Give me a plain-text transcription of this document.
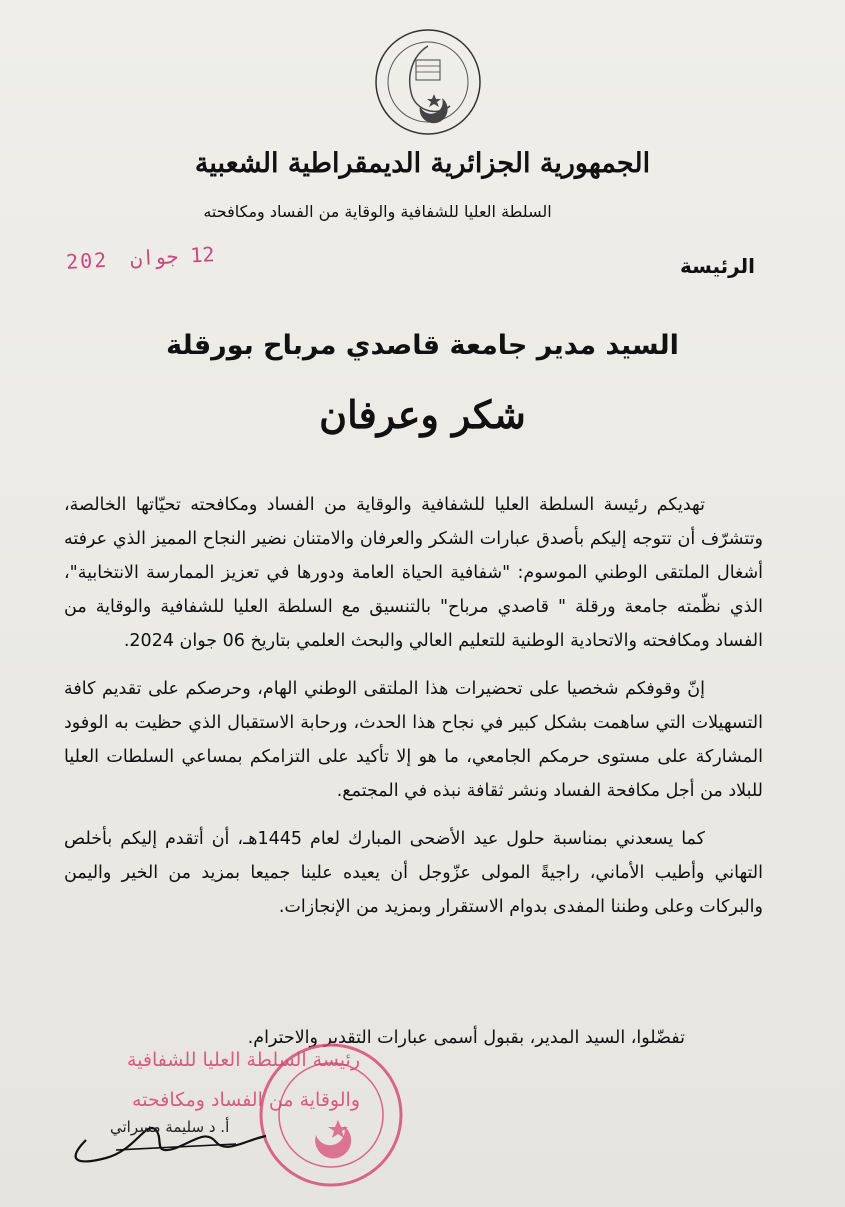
الجمهورية الجزائرية الديمقراطية الشعبية
السلطة العليا للشفافية والوقاية من الفساد ومكافحته
الرئيسة
12 جوان 202
السيد مدير جامعة قاصدي مرباح بورقلة
شكر وعرفان

تهديكم رئيسة السلطة العليا للشفافية والوقاية من الفساد ومكافحته تحيّاتها الخالصة، وتتشرّف أن تتوجه إليكم بأصدق عبارات الشكر والعرفان والامتنان نضير النجاح المميز الذي عرفته أشغال الملتقى الوطني الموسوم: "شفافية الحياة العامة ودورها في تعزيز الممارسة الانتخابية"، الذي نظّمته جامعة ورقلة " قاصدي مرباح" بالتنسيق مع السلطة العليا للشفافية والوقاية من الفساد ومكافحته والاتحادية الوطنية للتعليم العالي والبحث العلمي بتاريخ 06 جوان 2024.

إنّ وقوفكم شخصيا على تحضيرات هذا الملتقى الوطني الهام، وحرصكم على تقديم كافة التسهيلات التي ساهمت بشكل كبير في نجاح هذا الحدث، ورحابة الاستقبال الذي حظيت به الوفود المشاركة على مستوى حرمكم الجامعي، ما هو إلا تأكيد على التزامكم بمساعي السلطات العليا للبلاد من أجل مكافحة الفساد ونشر ثقافة نبذه في المجتمع.

كما يسعدني بمناسبة حلول عيد الأضحى المبارك لعام 1445هـ، أن أتقدم إليكم بأخلص التهاني وأطيب الأماني، راجيةً المولى عزّوجل أن يعيده علينا جميعا بمزيد من الخير واليمن والبركات وعلى وطننا المفدى بدوام الاستقرار وبمزيد من الإنجازات.

تفضّلوا، السيد المدير، بقبول أسمى عبارات التقدير والاحترام.
رئيسة السلطة العليا للشفافية
والوقاية من الفساد ومكافحته
أ. د سليمة مسراتي
